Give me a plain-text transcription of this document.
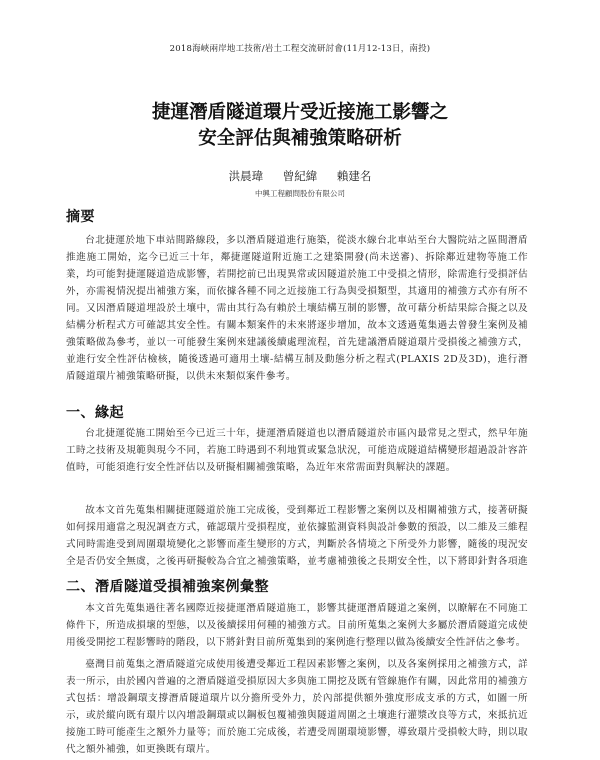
2018海峽兩岸地工技術/岩土工程交流研討會(11月12-13日，南投)
捷運潛盾隧道環片受近接施工影響之
安全評估與補強策略研析
洪晨瑋 曾紀緯 賴建名
中興工程顧問股份有限公司
摘要
台北捷運於地下車站間路線段，多以潛盾隧道進行施築，從淡水線台北車站至台大醫院站之區間潛盾推進施工開始，迄今已近三十年，鄰捷運隧道附近施工之建築開發(尚未送審)、拆除鄰近建物等施工作業，均可能對捷運隧道造成影響，若開挖前已出現異常或因隧道於施工中受損之情形，除需進行受損評估外，亦需視情況提出補強方案，而依據各種不同之近接施工行為與受損類型，其適用的補強方式亦有所不同。又因潛盾隧道埋設於土壤中，需由其行為有賴於土壤結構互制的影響，故可藉分析結果綜合擬之以及結構分析程式方可確認其安全性。有關本類案件的未來將逐步增加，故本文透過蒐集過去曾發生案例及補強策略做為參考，並以一可能發生案例來建議後續處理流程，首先建議潛盾隧道環片受損後之補強方式，並進行安全性評估檢核，隨後透過可適用土壤-結構互制及動態分析之程式(PLAXIS 2D及3D)，進行潛盾隧道環片補強策略研擬，以供未來類似案件參考。
一、緣起
台北捷運從施工開始至今已近三十年，捷運潛盾隧道也以潛盾隧道於市區內最常見之型式，然早年施工時之技術及規範與現今不同，若施工時遇到不利地質或緊急狀況，可能造成隧道結構變形超過設計容許值時，可能須進行安全性評估以及研擬相關補強策略，為近年來常需面對與解決的課題。
故本文首先蒐集相關捷運隧道於施工完成後，受到鄰近工程影響之案例以及相關補強方式，接著研擬如何採用適當之現況調查方式，確認環片受損程度，並依據監測資料與設計參數的預設，以二維及三維程式同時需進受到周圍環境變化之影響而產生變形的方式，判斷於各情境之下所受外力影響，隨後的現況安全是否仍安全無虞，之後再研擬較為合宜之補強策略，並考慮補強後之長期安全性，以下將即針對各項進
二、潛盾隧道受損補強案例彙整
本文首先蒐集過往著名國際近接捷運潛盾隧道施工，影響其捷運潛盾隧道之案例，以瞭解在不同施工條件下，所造成損壞的型態，以及後續採用何種的補強方式。目前所蒐集之案例大多屬於潛盾隧道完成使用後受開挖工程影響時的階段，以下將針對目前所蒐集到的案例進行整理以做為後續安全性評估之參考。
臺灣目前蒐集之潛盾隧道完成使用後遭受鄰近工程因素影響之案例，以及各案例採用之補強方式，詳表一所示，由於國內普遍的之潛盾隧道受損原因大多與施工開挖及既有管線施作有關，因此常用的補強方式包括：增設鋼環支撐潛盾隧道環片以分擔所受外力，於內部提供額外強度形成支承的方式，如圖一所示，或於縱向既有環片以內增設鋼環或以鋼板包覆補強與隧道周圍之土壤進行灌漿改良等方式，來抵抗近接施工時可能產生之額外力量等；而於施工完成後，若遭受周圍環境影響，導致環片受損較大時，則以取代之額外補強，如更換既有環片。
